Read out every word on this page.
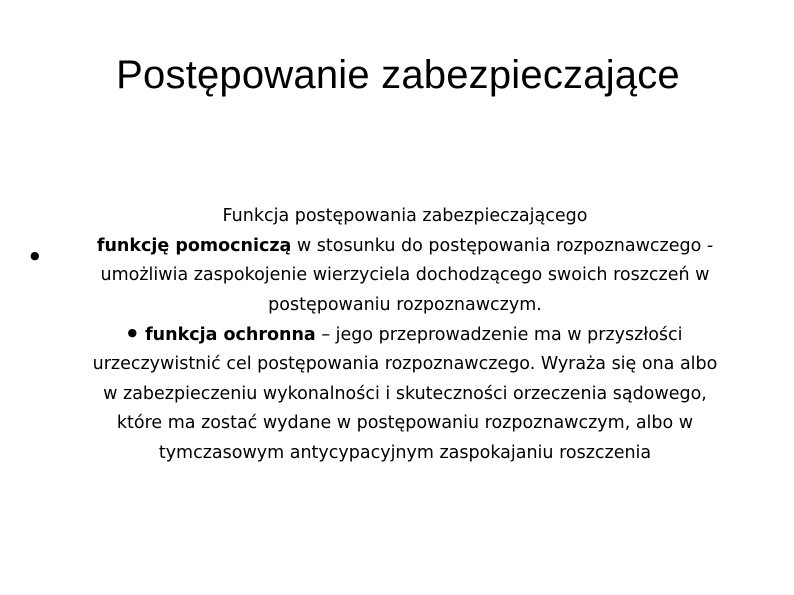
Postępowanie zabezpieczające
Funkcja postępowania zabezpieczającego
●	funkcję pomocniczą w stosunku do postępowania rozpoznawczego -
umożliwia zaspokojenie wierzyciela dochodzącego swoich roszczeń w
postępowaniu rozpoznawczym.
● funkcja ochronna – jego przeprowadzenie ma w przyszłości
urzeczywistnić cel postępowania rozpoznawczego. Wyraża się ona albo
w zabezpieczeniu wykonalności i skuteczności orzeczenia sądowego,
które ma zostać wydane w postępowaniu rozpoznawczym, albo w
tymczasowym antycypacyjnym zaspokajaniu roszczenia
